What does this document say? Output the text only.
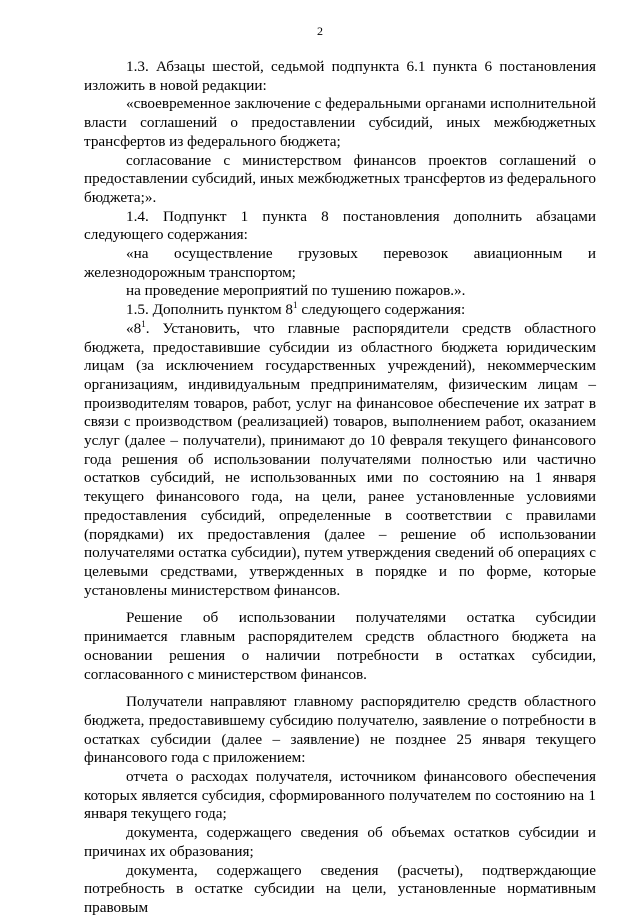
2

1.3. Абзацы шестой, седьмой подпункта 6.1 пункта 6 постановления изложить в новой редакции:

«своевременное заключение с федеральными органами исполнительной власти соглашений о предоставлении субсидий, иных межбюджетных трансфертов из федерального бюджета;

согласование с министерством финансов проектов соглашений о предоставлении субсидий, иных межбюджетных трансфертов из федерального бюджета;».

1.4. Подпункт 1 пункта 8 постановления дополнить абзацами следующего содержания:

«на осуществление грузовых перевозок авиационным и железнодорожным транспортом;

на проведение мероприятий по тушению пожаров.».

1.5. Дополнить пунктом $8^1$ следующего содержания:

«$8^1$. Установить, что главные распорядители средств областного бюджета, предоставившие субсидии из областного бюджета юридическим лицам (за исключением государственных учреждений), некоммерческим организациям, индивидуальным предпринимателям, физическим лицам – производителям товаров, работ, услуг на финансовое обеспечение их затрат в связи с производством (реализацией) товаров, выполнением работ, оказанием услуг (далее – получатели), принимают до 10 февраля текущего финансового года решения об использовании получателями полностью или частично остатков субсидий, не использованных ими по состоянию на 1 января текущего финансового года, на цели, ранее установленные условиями предоставления субсидий, определенные в соответствии с правилами (порядками) их предоставления (далее – решение об использовании получателями остатка субсидии), путем утверждения сведений об операциях с целевыми средствами, утвержденных в порядке и по форме, которые установлены министерством финансов.

Решение об использовании получателями остатка субсидии принимается главным распорядителем средств областного бюджета на основании решения о наличии потребности в остатках субсидии, согласованного с министерством финансов.

Получатели направляют главному распорядителю средств областного бюджета, предоставившему субсидию получателю, заявление о потребности в остатках субсидии (далее – заявление) не позднее 25 января текущего финансового года с приложением:

отчета о расходах получателя, источником финансового обеспечения которых является субсидия, сформированного получателем по состоянию на 1 января текущего года;

документа, содержащего сведения об объемах остатков субсидии и причинах их образования;

документа, содержащего сведения (расчеты), подтверждающие потребность в остатке субсидии на цели, установленные нормативным правовым
